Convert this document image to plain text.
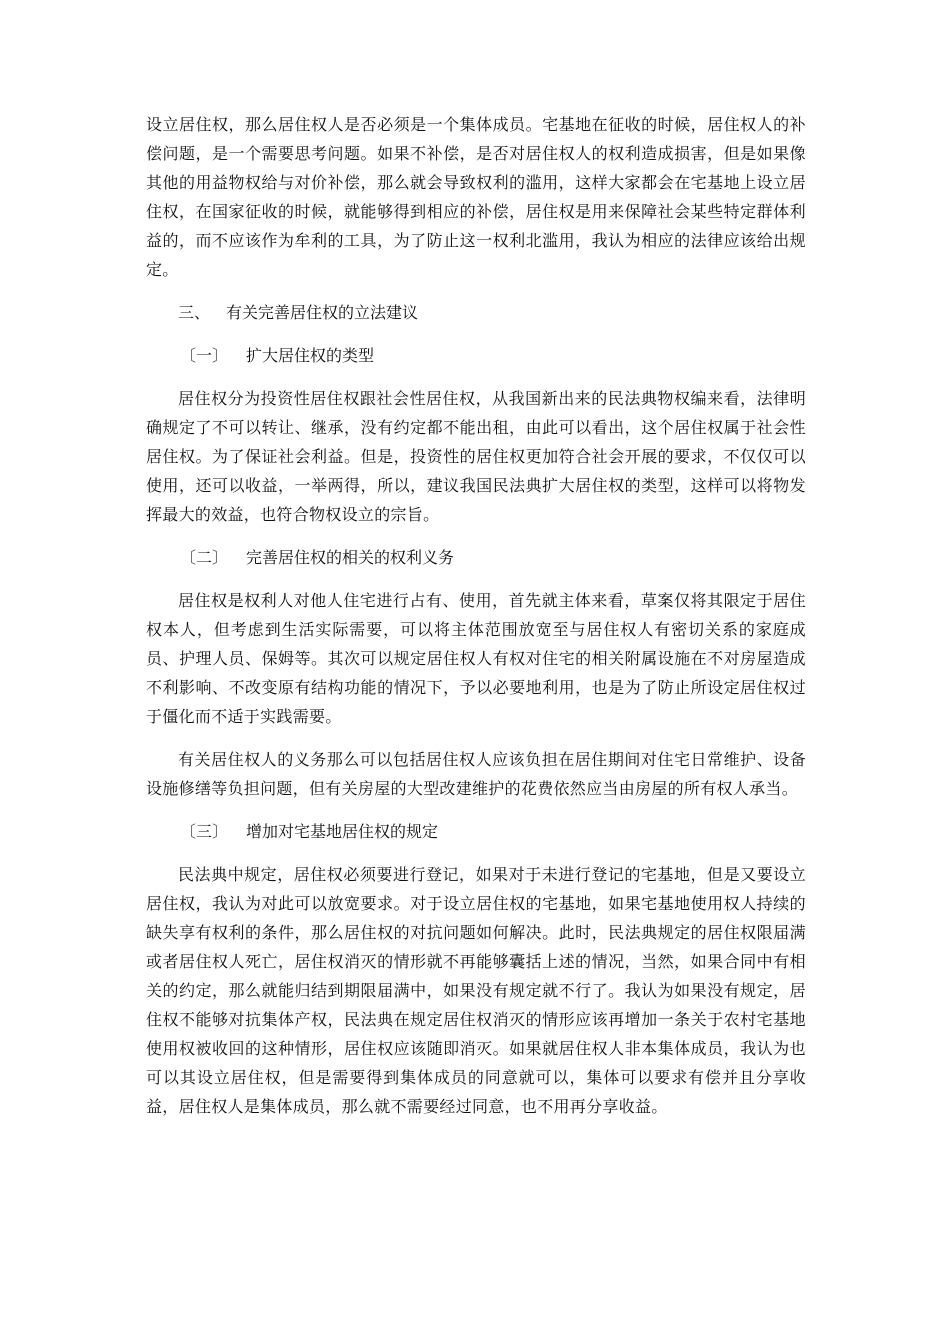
设立居住权，那么居住权人是否必须是一个集体成员。宅基地在征收的时候，居住权人的补偿问题，是一个需要思考问题。如果不补偿，是否对居住权人的权利造成损害，但是如果像其他的用益物权给与对价补偿，那么就会导致权利的滥用，这样大家都会在宅基地上设立居住权，在国家征收的时候，就能够得到相应的补偿，居住权是用来保障社会某些特定群体利益的，而不应该作为牟利的工具，为了防止这一权利北滥用，我认为相应的法律应该给出规定。

三、 有关完善居住权的立法建议
〔一〕 扩大居住权的类型

居住权分为投资性居住权跟社会性居住权，从我国新出来的民法典物权编来看，法律明确规定了不可以转让、继承，没有约定都不能出租，由此可以看出，这个居住权属于社会性居住权。为了保证社会利益。但是，投资性的居住权更加符合社会开展的要求，不仅仅可以使用，还可以收益，一举两得，所以，建议我国民法典扩大居住权的类型，这样可以将物发挥最大的效益，也符合物权设立的宗旨。

〔二〕 完善居住权的相关的权利义务

居住权是权利人对他人住宅进行占有、使用，首先就主体来看，草案仅将其限定于居住权本人，但考虑到生活实际需要，可以将主体范围放宽至与居住权人有密切关系的家庭成员、护理人员、保姆等。其次可以规定居住权人有权对住宅的相关附属设施在不对房屋造成不利影响、不改变原有结构功能的情况下，予以必要地利用，也是为了防止所设定居住权过于僵化而不适于实践需要。

有关居住权人的义务那么可以包括居住权人应该负担在居住期间对住宅日常维护、设备设施修缮等负担问题，但有关房屋的大型改建维护的花费依然应当由房屋的所有权人承当。

〔三〕 增加对宅基地居住权的规定

民法典中规定，居住权必须要进行登记，如果对于未进行登记的宅基地，但是又要设立居住权，我认为对此可以放宽要求。对于设立居住权的宅基地，如果宅基地使用权人持续的缺失享有权利的条件，那么居住权的对抗问题如何解决。此时，民法典规定的居住权限届满或者居住权人死亡，居住权消灭的情形就不再能够囊括上述的情况，当然，如果合同中有相关的约定，那么就能归结到期限届满中，如果没有规定就不行了。我认为如果没有规定，居住权不能够对抗集体产权，民法典在规定居住权消灭的情形应该再增加一条关于农村宅基地使用权被收回的这种情形，居住权应该随即消灭。如果就居住权人非本集体成员，我认为也可以其设立居住权，但是需要得到集体成员的同意就可以，集体可以要求有偿并且分享收益，居住权人是集体成员，那么就不需要经过同意，也不用再分享收益。
